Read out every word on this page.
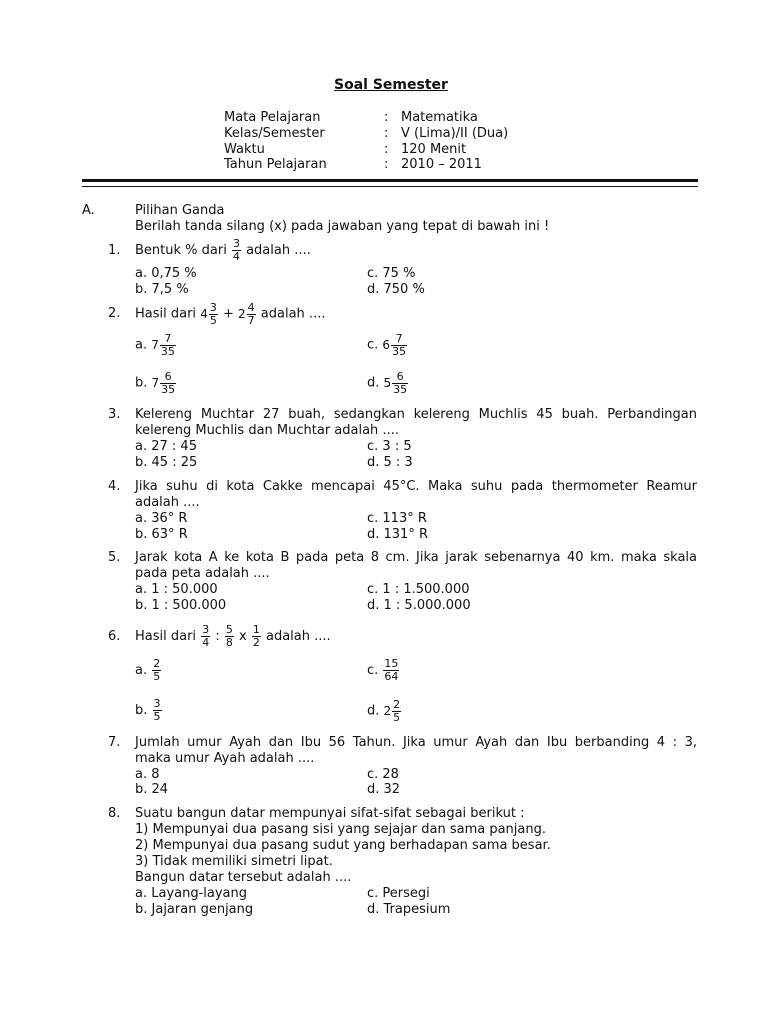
Soal Semester
Mata Pelajaran	: Matematika
Kelas/Semester	: V (Lima)/II (Dua)
Waktu	: 120 Menit
Tahun Pelajaran	: 2010 – 2011
A.	Pilihan Ganda
Berilah tanda silang (x) pada jawaban yang tepat di bawah ini !
1. Bentuk % dari $\frac{3}{4}$ adalah ....
a. 0,75 %
b. 7,5 %
c. 75 %
d. 750 %
2. Hasil dari $4 \frac{3}{5} + 2 \frac{4}{7}$ adalah ....
a. $7 \frac{7}{35}$
b. $7 \frac{6}{35}$
c. $6 \frac{7}{35}$
d. $5 \frac{6}{35}$
3. Kelereng Muchtar 27 buah, sedangkan kelereng Muchlis 45 buah. Perbandingan
kelereng Muchlis dan Muchtar adalah ....
a. 27 : 45
b. 45 : 25
c. 3 : 5
d. 5 : 3
4. Jika suhu di kota Cakke mencapai 45°C. Maka suhu pada thermometer Reamur
adalah ....
a. 36° R
b. 63° R
c. 113° R
d. 131° R
5. Jarak kota A ke kota B pada peta 8 cm. Jika jarak sebenarnya 40 km. maka skala
pada peta adalah ....
a. 1 : 50.000
b. 1 : 500.000
c. 1 : 1.500.000
d. 1 : 5.000.000
6. Hasil dari $\frac{3}{4}$ : $\frac{5}{8}$ x $\frac{1}{2}$ adalah ....
a. $\frac{2}{5}$
b. $\frac{3}{5}$
c. $\frac{15}{64}$
d. $2 \frac{2}{5}$
7. Jumlah umur Ayah dan Ibu 56 Tahun. Jika umur Ayah dan Ibu berbanding 4 : 3,
maka umur Ayah adalah ....
a. 8
b. 24
c. 28
d. 32
8. Suatu bangun datar mempunyai sifat-sifat sebagai berikut :
1) Mempunyai dua pasang sisi yang sejajar dan sama panjang.
2) Mempunyai dua pasang sudut yang berhadapan sama besar.
3) Tidak memiliki simetri lipat.
Bangun datar tersebut adalah ....
a. Layang-layang
b. Jajaran genjang
c. Persegi
d. Trapesium
